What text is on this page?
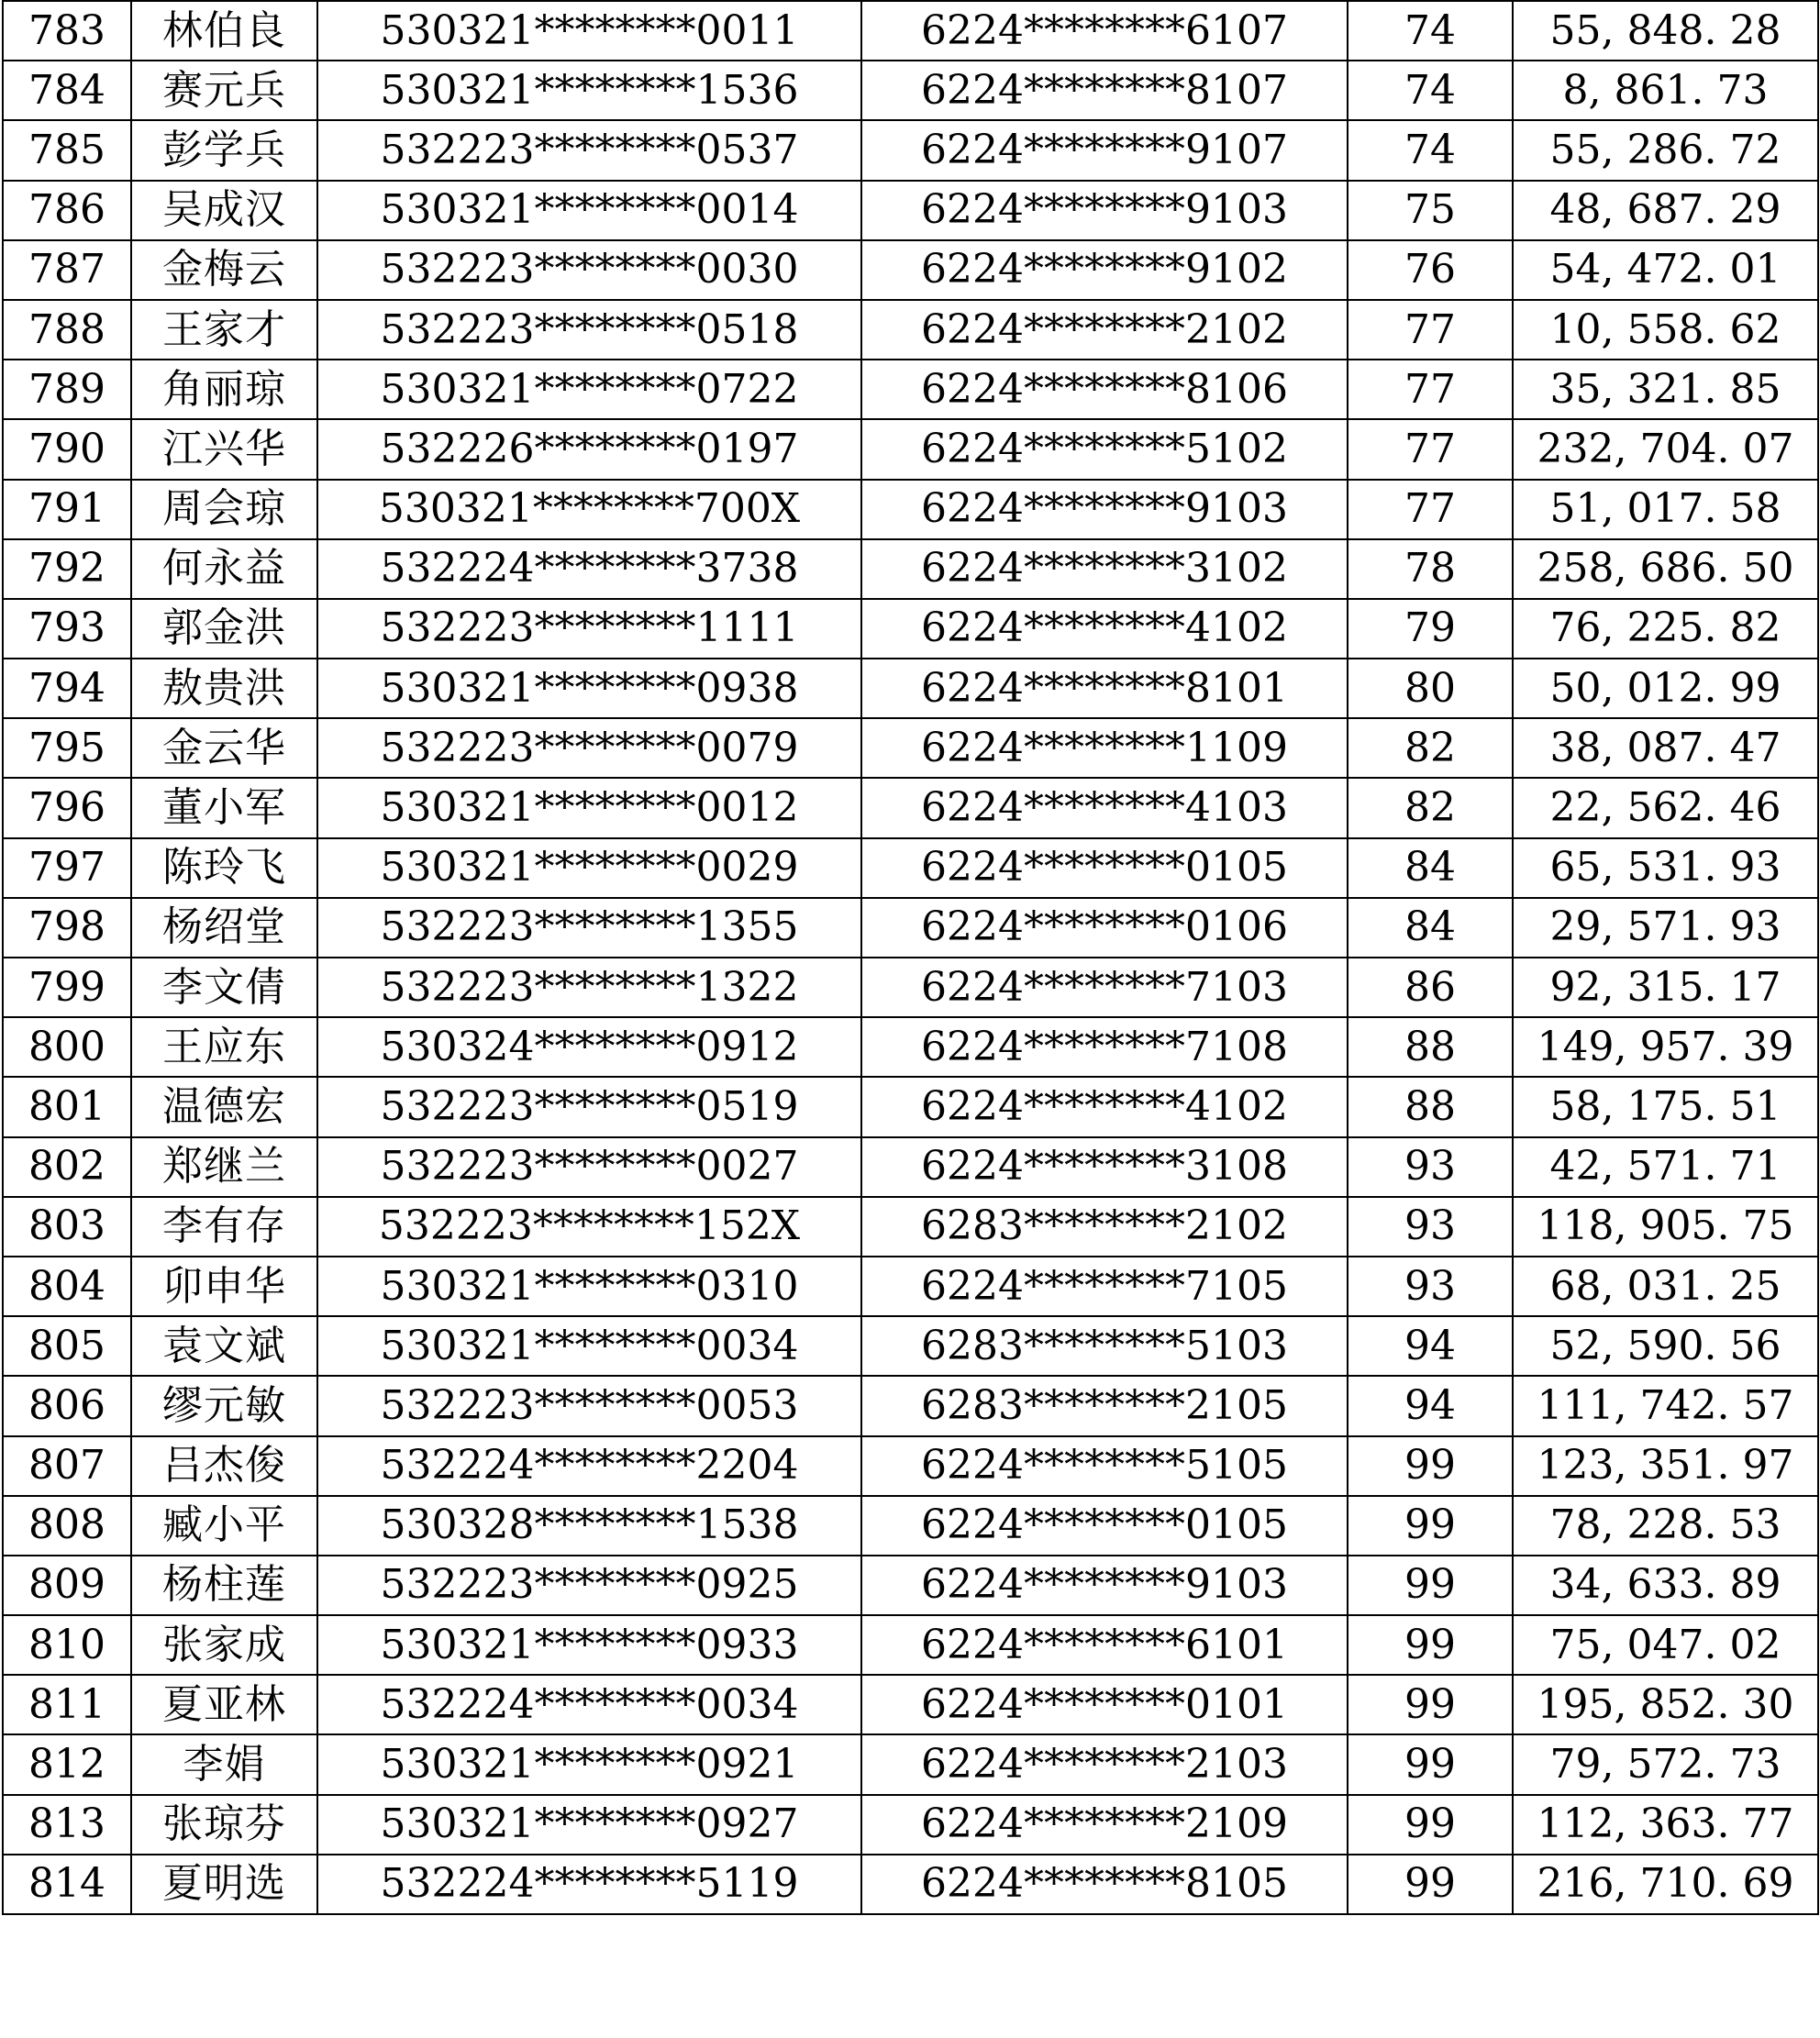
783	林伯良	530321********0011	6224********6107	74	55, 848. 28
784	赛元兵	530321********1536	6224********8107	74	8, 861. 73
785	彭学兵	532223********0537	6224********9107	74	55, 286. 72
786	吴成汉	530321********0014	6224********9103	75	48, 687. 29
787	金梅云	532223********0030	6224********9102	76	54, 472. 01
788	王家才	532223********0518	6224********2102	77	10, 558. 62
789	角丽琼	530321********0722	6224********8106	77	35, 321. 85
790	江兴华	532226********0197	6224********5102	77	232, 704. 07
791	周会琼	530321********700X	6224********9103	77	51, 017. 58
792	何永益	532224********3738	6224********3102	78	258, 686. 50
793	郭金洪	532223********1111	6224********4102	79	76, 225. 82
794	敖贵洪	530321********0938	6224********8101	80	50, 012. 99
795	金云华	532223********0079	6224********1109	82	38, 087. 47
796	董小军	530321********0012	6224********4103	82	22, 562. 46
797	陈玲飞	530321********0029	6224********0105	84	65, 531. 93
798	杨绍堂	532223********1355	6224********0106	84	29, 571. 93
799	李文倩	532223********1322	6224********7103	86	92, 315. 17
800	王应东	530324********0912	6224********7108	88	149, 957. 39
801	温德宏	532223********0519	6224********4102	88	58, 175. 51
802	郑继兰	532223********0027	6224********3108	93	42, 571. 71
803	李有存	532223********152X	6283********2102	93	118, 905. 75
804	卯申华	530321********0310	6224********7105	93	68, 031. 25
805	袁文斌	530321********0034	6283********5103	94	52, 590. 56
806	缪元敏	532223********0053	6283********2105	94	111, 742. 57
807	吕杰俊	532224********2204	6224********5105	99	123, 351. 97
808	臧小平	530328********1538	6224********0105	99	78, 228. 53
809	杨柱莲	532223********0925	6224********9103	99	34, 633. 89
810	张家成	530321********0933	6224********6101	99	75, 047. 02
811	夏亚林	532224********0034	6224********0101	99	195, 852. 30
812	李娟	530321********0921	6224********2103	99	79, 572. 73
813	张琼芬	530321********0927	6224********2109	99	112, 363. 77
814	夏明选	532224********5119	6224********8105	99	216, 710. 69
